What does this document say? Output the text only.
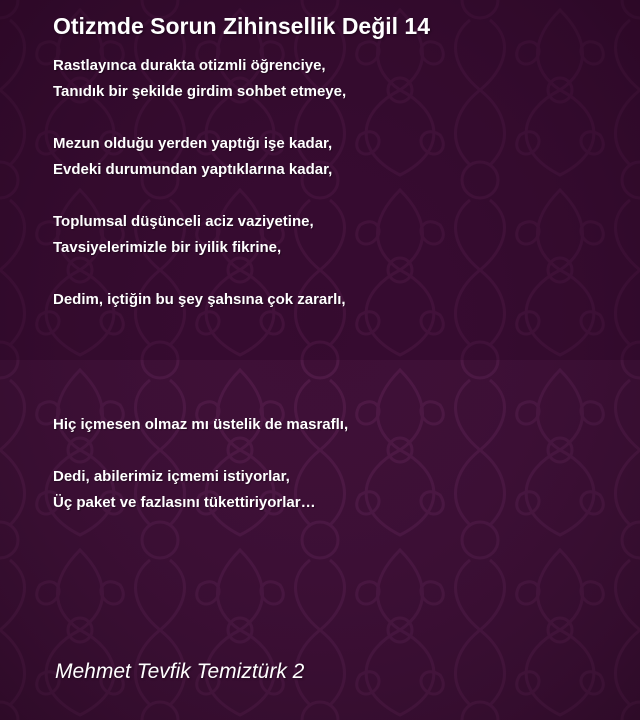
Otizmde Sorun Zihinsellik Değil 14

Rastlayınca durakta otizmli öğrenciye,
Tanıdık bir şekilde girdim sohbet etmeye,

Mezun olduğu yerden yaptığı işe kadar,
Evdeki durumundan yaptıklarına kadar,

Toplumsal düşünceli aciz vaziyetine,
Tavsiyelerimizle bir iyilik fikrine,

Dedim, içtiğin bu şey şahsına çok zararlı,

Hiç içmesen olmaz mı üstelik de masraflı,

Dedi, abilerimiz içmemi istiyorlar,
Üç paket ve fazlasını tükettiriyorlar…

Mehmet Tevfik Temiztürk 2
